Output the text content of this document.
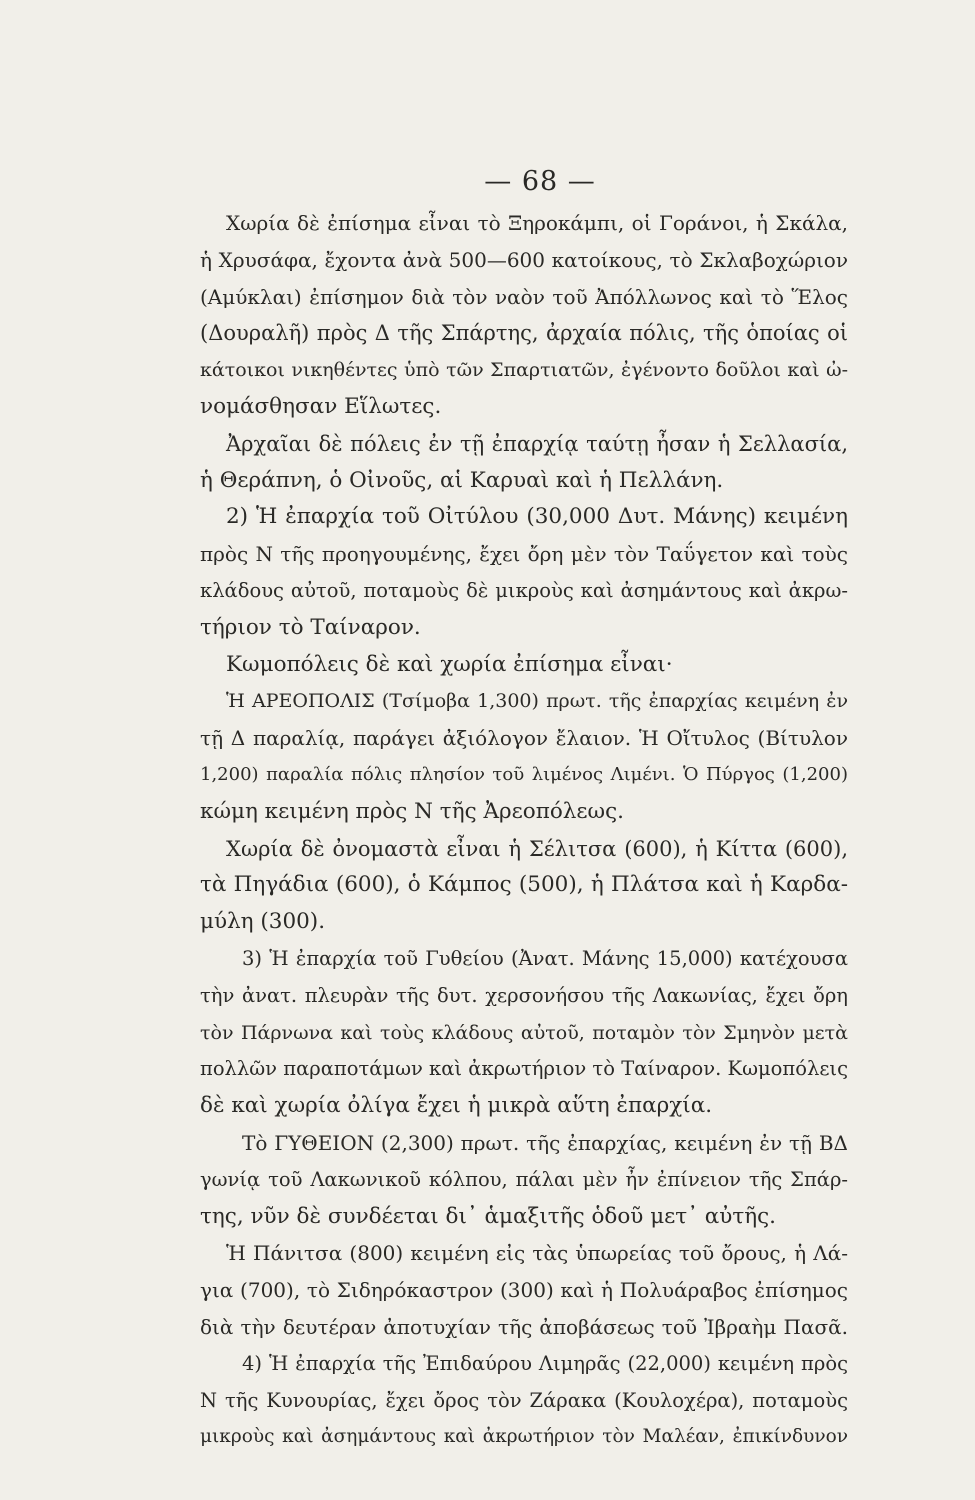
— 68 —
Χωρία δὲ ἐπίσημα εἶναι τὸ Ξηροκάμπι, οἱ Γοράνοι, ἡ Σκάλα,
ἡ Χρυσάφα, ἔχοντα ἀνὰ 500—600 κατοίκους, τὸ Σκλαβοχώριον
(Αμύκλαι) ἐπίσημον διὰ τὸν ναὸν τοῦ Ἀπόλλωνος καὶ τὸ Ἕλος
(Δουραλῆ) πρὸς Δ τῆς Σπάρτης, ἀρχαία πόλις, τῆς ὁποίας οἱ
κάτοικοι νικηθέντες ὑπὸ τῶν Σπαρτιατῶν, ἐγένοντο δοῦλοι καὶ ὠ-
νομάσθησαν Εἵλωτες.
Ἀρχαῖαι δὲ πόλεις ἐν τῇ ἐπαρχίᾳ ταύτῃ ἦσαν ἡ Σελλασία,
ἡ Θεράπνη, ὁ Οἰνοῦς, αἱ Καρυαὶ καὶ ἡ Πελλάνη.
2) Ἡ ἐπαρχία τοῦ Οἰτύλου (30,000 Δυτ. Μάνης) κειμένη
πρὸς Ν τῆς προηγουμένης, ἔχει ὄρη μὲν τὸν Ταΰγετον καὶ τοὺς
κλάδους αὐτοῦ, ποταμοὺς δὲ μικροὺς καὶ ἀσημάντους καὶ ἀκρω-
τήριον τὸ Ταίναρον.
Κωμοπόλεις δὲ καὶ χωρία ἐπίσημα εἶναι·
Ἡ ΑΡΕΟΠΟΛΙΣ (Τσίμοβα 1,300) πρωτ. τῆς ἐπαρχίας κειμένη ἐν
τῇ Δ παραλίᾳ, παράγει ἀξιόλογον ἔλαιον. Ἡ Οἴτυλος (Βίτυλον
1,200) παραλία πόλις πλησίον τοῦ λιμένος Λιμένι. Ὁ Πύργος (1,200)
κώμη κειμένη πρὸς Ν τῆς Ἀρεοπόλεως.
Χωρία δὲ ὀνομαστὰ εἶναι ἡ Σέλιτσα (600), ἡ Κίττα (600),
τὰ Πηγάδια (600), ὁ Κάμπος (500), ἡ Πλάτσα καὶ ἡ Καρδα-
μύλη (300).
3) Ἡ ἐπαρχία τοῦ Γυθείου (Ἀνατ. Μάνης 15,000) κατέχουσα
τὴν ἀνατ. πλευρὰν τῆς δυτ. χερσονήσου τῆς Λακωνίας, ἔχει ὄρη
τὸν Πάρνωνα καὶ τοὺς κλάδους αὐτοῦ, ποταμὸν τὸν Σμηνὸν μετὰ
πολλῶν παραποτάμων καὶ ἀκρωτήριον τὸ Ταίναρον. Κωμοπόλεις
δὲ καὶ χωρία ὀλίγα ἔχει ἡ μικρὰ αὕτη ἐπαρχία.
Τὸ ΓΥΘΕΙΟΝ (2,300) πρωτ. τῆς ἐπαρχίας, κειμένη ἐν τῇ ΒΔ
γωνίᾳ τοῦ Λακωνικοῦ κόλπου, πάλαι μὲν ἦν ἐπίνειον τῆς Σπάρ-
της, νῦν δὲ συνδέεται δι᾽ ἁμαξιτῆς ὁδοῦ μετ᾽ αὐτῆς.
Ἡ Πάνιτσα (800) κειμένη εἰς τὰς ὑπωρείας τοῦ ὄρους, ἡ Λά-
για (700), τὸ Σιδηρόκαστρον (300) καὶ ἡ Πολυάραβος ἐπίσημος
διὰ τὴν δευτέραν ἀποτυχίαν τῆς ἀποβάσεως τοῦ Ἰβραὴμ Πασᾶ.
4) Ἡ ἐπαρχία τῆς Ἐπιδαύρου Λιμηρᾶς (22,000) κειμένη πρὸς
Ν τῆς Κυνουρίας, ἔχει ὄρος τὸν Ζάρακα (Κουλοχέρα), ποταμοὺς
μικροὺς καὶ ἀσημάντους καὶ ἀκρωτήριον τὸν Μαλέαν, ἐπικίνδυνον
